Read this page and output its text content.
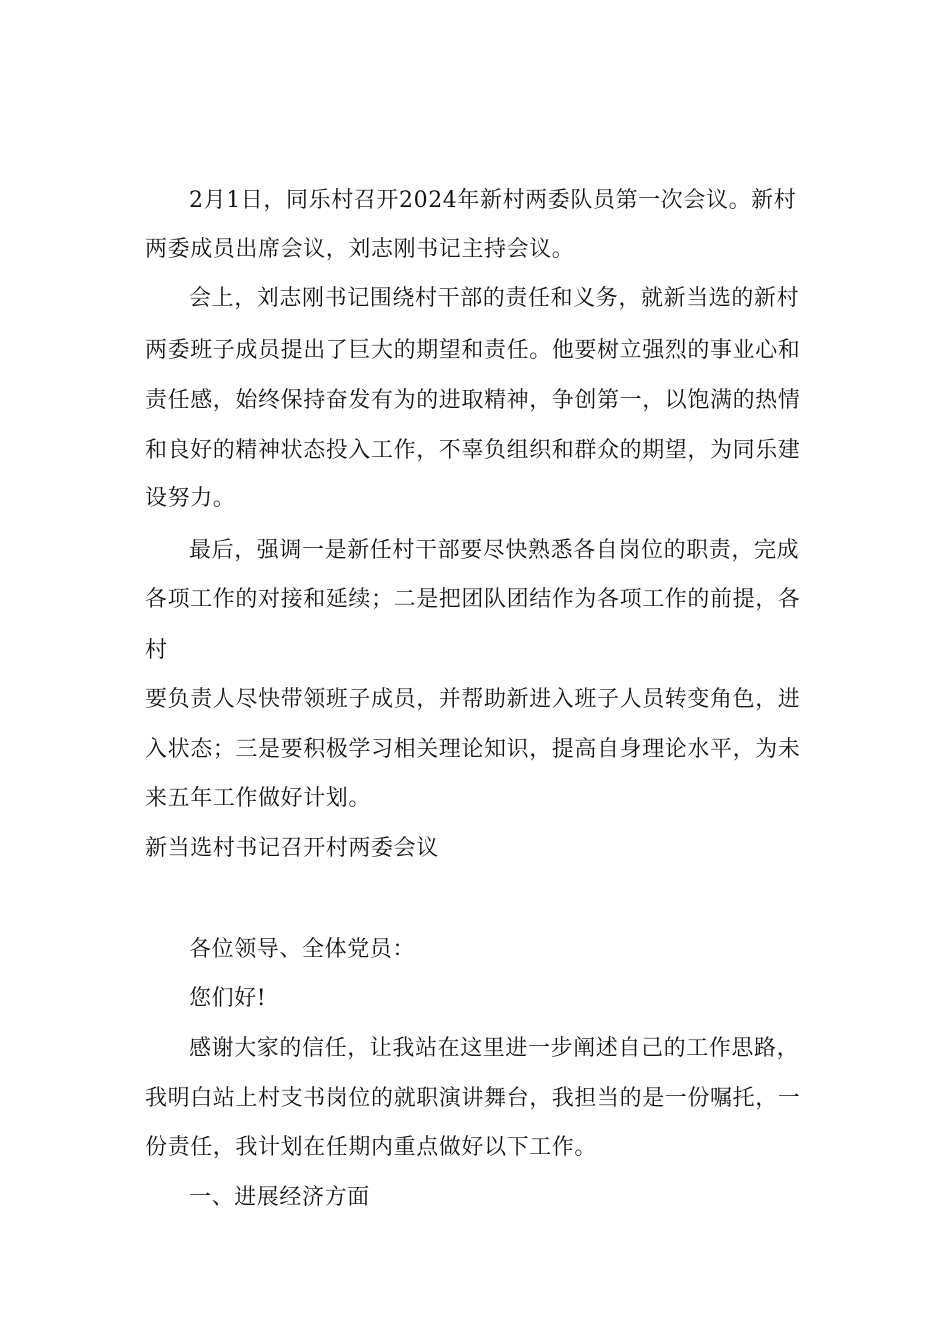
2月1日，同乐村召开2024年新村两委队员第一次会议。新村

两委成员出席会议，刘志刚书记主持会议。

会上，刘志刚书记围绕村干部的责任和义务，就新当选的新村

两委班子成员提出了巨大的期望和责任。他要树立强烈的事业心和

责任感，始终保持奋发有为的进取精神，争创第一，以饱满的热情

和良好的精神状态投入工作，不辜负组织和群众的期望，为同乐建

设努力。

最后，强调一是新任村干部要尽快熟悉各自岗位的职责，完成

各项工作的对接和延续；二是把团队团结作为各项工作的前提，各

村

要负责人尽快带领班子成员，并帮助新进入班子人员转变角色，进

入状态；三是要积极学习相关理论知识，提高自身理论水平，为未

来五年工作做好计划。

新当选村书记召开村两委会议

各位领导、全体党员：

您们好!

感谢大家的信任，让我站在这里进一步阐述自己的工作思路，

我明白站上村支书岗位的就职演讲舞台，我担当的是一份嘱托，一

份责任，我计划在任期内重点做好以下工作。

一、进展经济方面
